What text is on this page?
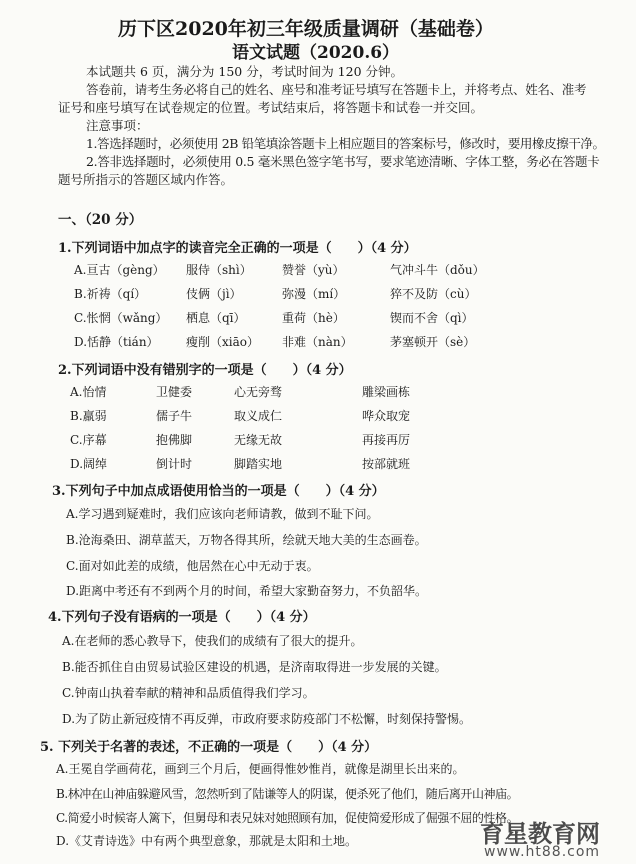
历下区2020年初三年级质量调研（基础卷）
语文试题（2020.6）
本试题共 6 页，满分为 150 分，考试时间为 120 分钟。
答卷前，请考生务必将自己的姓名、座号和准考证号填写在答题卡上，并将考点、姓名、准考
证号和座号填写在试卷规定的位置。考试结束后，将答题卡和试卷一并交回。
注意事项：
1.答选择题时，必须使用 2B 铅笔填涂答题卡上相应题目的答案标号，修改时，要用橡皮擦干净。
2.答非选择题时，必须使用 0.5 毫米黑色签字笔书写，要求笔迹清晰、字体工整，务必在答题卡
题号所指示的答题区域内作答。
一、（20 分）
1.下列词语中加点字的读音完全正确的一项是（　　）（4 分）
A.亘古（gèng） 服侍（shì）	赞誉（yù）	气冲斗牛（dǒu）
B.祈祷（qí）	伎俩（jì）	弥漫（mí）	猝不及防（cù）
C.怅惘（wǎng） 栖息（qī）	重荷（hè）	锲而不舍（qì）
D.恬静（tián） 瘦削（xiāo） 非难（nàn）	茅塞顿开（sè）
2.下列词语中没有错别字的一项是（　　）（4 分）
A.怡情	卫健委	心无旁骛	雕梁画栋
B.羸弱	儒子牛	取义成仁	哗众取宠
C.序幕	抱佛脚	无缘无故	再接再厉
D.阔绰	倒计时	脚踏实地	按部就班
3.下列句子中加点成语使用恰当的一项是（　　）（4 分）
A.学习遇到疑难时，我们应该向老师请教，做到不耻下问。
B.沧海桑田、湖草蓝天，万物各得其所，绘就天地大美的生态画卷。
C.面对如此差的成绩，他居然在心中无动于衷。
D.距离中考还有不到两个月的时间，希望大家勤奋努力，不负韶华。
4.下列句子没有语病的一项是（　　）（4 分）
A.在老师的悉心教导下，使我们的成绩有了很大的提升。
B.能否抓住自由贸易试验区建设的机遇，是济南取得进一步发展的关键。
C.钟南山执着奉献的精神和品质值得我们学习。
D.为了防止新冠疫情不再反弹，市政府要求防疫部门不松懈，时刻保持警惕。
5. 下列关于名著的表述，不正确的一项是（　　）（4 分）
A.王冕自学画荷花，画到三个月后，便画得惟妙惟肖，就像是湖里长出来的。
B.林冲在山神庙躲避风雪，忽然听到了陆谦等人的阴谋，便杀死了他们，随后离开山神庙。
C.简爱小时候寄人篱下，但舅母和表兄妹对她照顾有加，促使简爱形成了倔强不屈的性格。
D.《艾青诗选》中有两个典型意象，那就是太阳和土地。	育星教育网
www.ht88.com
